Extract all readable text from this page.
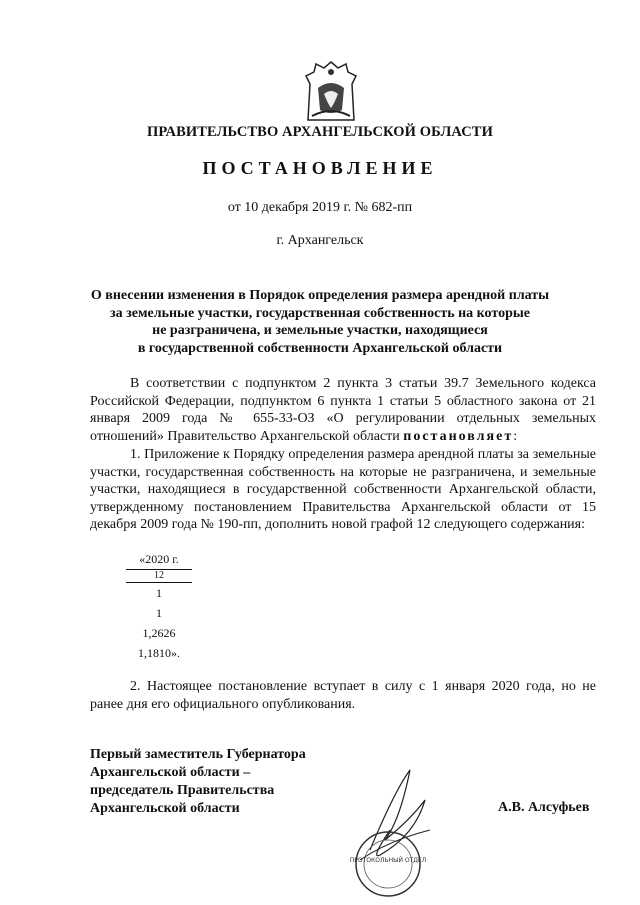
ПРАВИТЕЛЬСТВО АРХАНГЕЛЬСКОЙ ОБЛАСТИ
ПОСТАНОВЛЕНИЕ
от 10 декабря 2019 г. № 682-пп
г. Архангельск
О внесении изменения в Порядок определения размера арендной платы
за земельные участки, государственная собственность на которые
не разграничена, и земельные участки, находящиеся
в государственной собственности Архангельской области
В соответствии с подпунктом 2 пункта 3 статьи 39.7 Земельного кодекса Российской Федерации, подпунктом 6 пункта 1 статьи 5 областного закона от 21 января 2009 года № 655-33-ОЗ «О регулировании отдельных земельных отношений» Правительство Архангельской области постановляет:
1. Приложение к Порядку определения размера арендной платы за земельные участки, государственная собственность на которые не разграничена, и земельные участки, находящиеся в государственной собственности Архангельской области, утвержденному постановлением Правительства Архангельской области от 15 декабря 2009 года № 190-пп, дополнить новой графой 12 следующего содержания:
«2020 г.
12
1
1
1,2626
1,1810».
2. Настоящее постановление вступает в силу с 1 января 2020 года, но не ранее дня его официального опубликования.
Первый заместитель Губернатора
Архангельской области –
председатель Правительства
Архангельской области
ПРОТОКОЛЬНЫЙ ОТДЕЛ
А.В. Алсуфьев
